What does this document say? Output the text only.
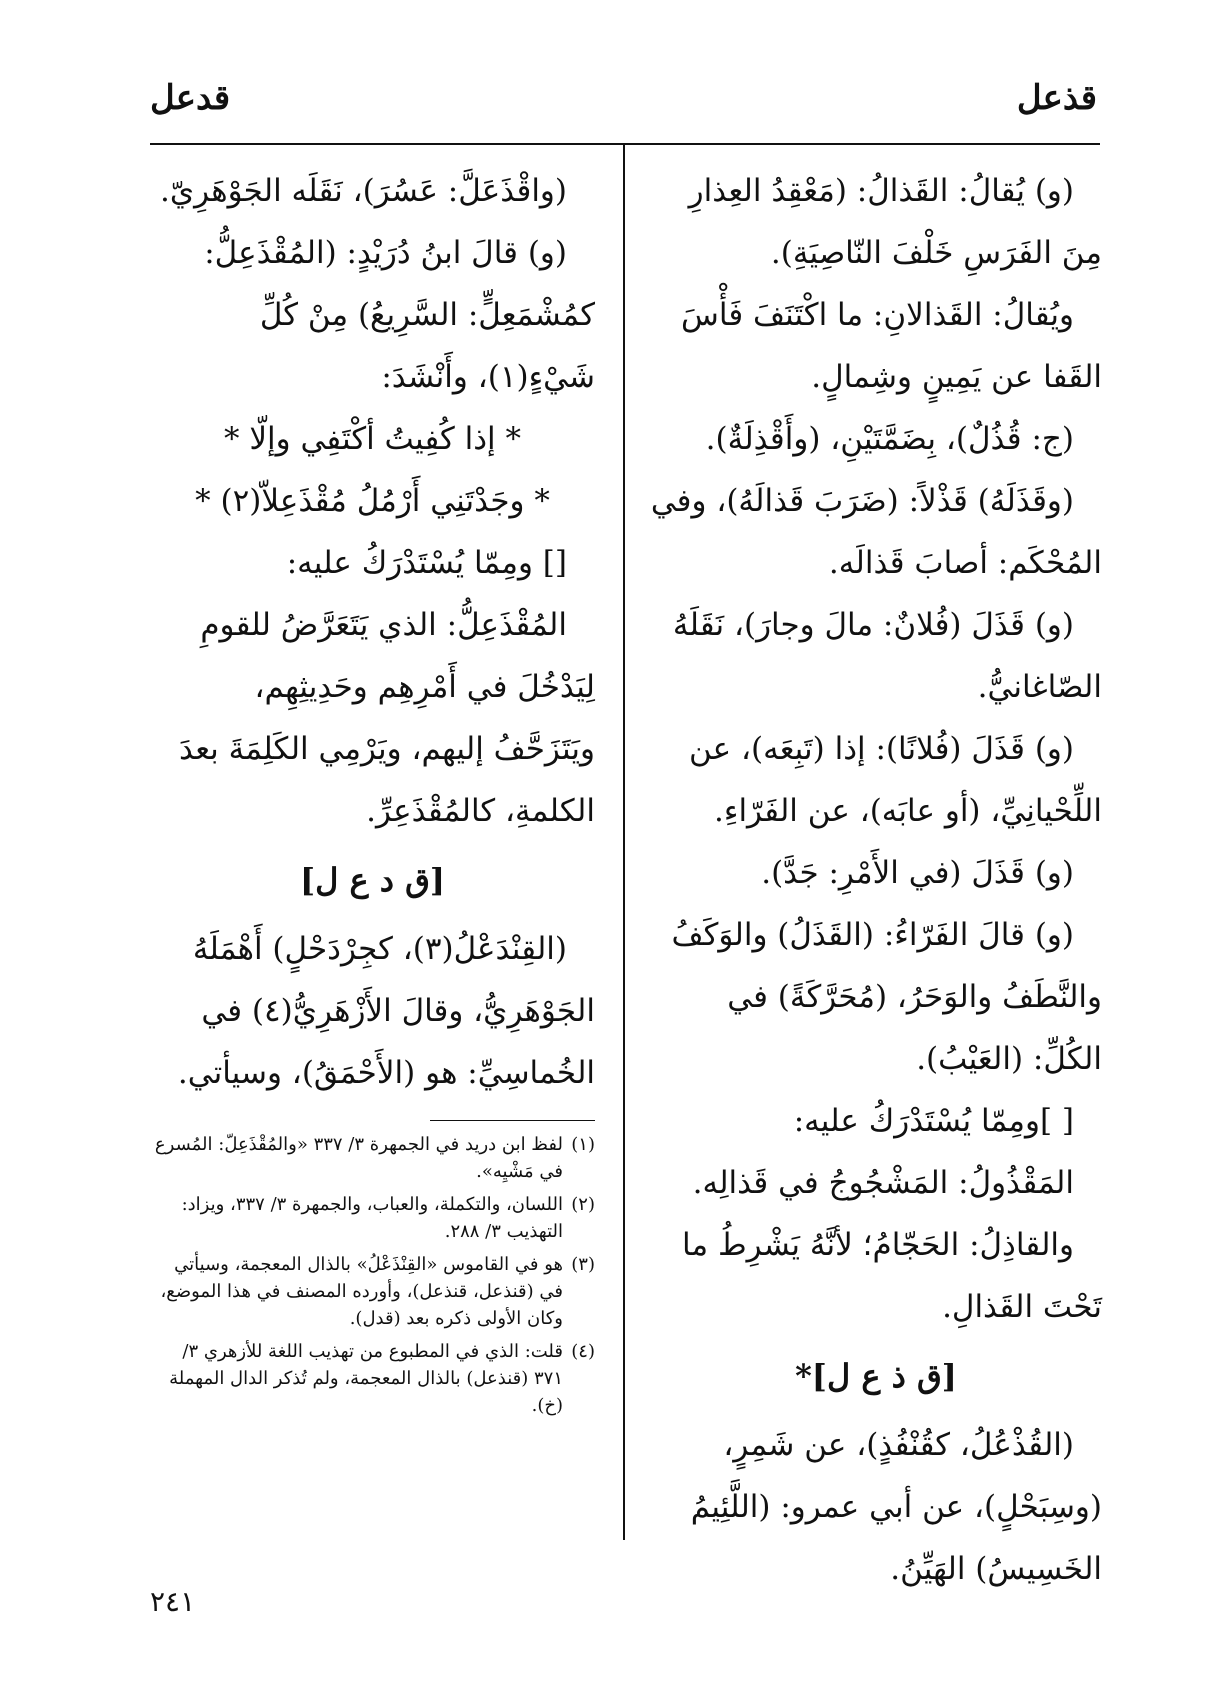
قذعل
قدعل

(و) يُقالُ: القَذالُ: (مَعْقِدُ العِذارِ مِنَ الفَرَسِ خَلْفَ النّاصِيَةِ).

ويُقالُ: القَذالانِ: ما اكْتَنَفَ فَأْسَ القَفا عن يَمِينٍ وشِمالٍ.

(ج: قُذُلٌ)، بِضَمَّتَيْنِ، (وأَقْذِلَةٌ).

(وقَذَلَهُ) قَذْلاً: (ضَرَبَ قَذالَهُ)، وفي المُحْكَم: أصابَ قَذالَه.

(و) قَذَلَ (فُلانٌ: مالَ وجارَ)، نَقَلَهُ الصّاغانيُّ.

(و) قَذَلَ (فُلانًا): إذا (تَبِعَه)، عن اللِّحْيانِيِّ، (أو عابَه)، عن الفَرّاءِ.

(و) قَذَلَ (في الأَمْرِ: جَدَّ).

(و) قالَ الفَرّاءُ: (القَذَلُ) والوَكَفُ والنَّطَفُ والوَحَرُ، (مُحَرَّكَةً) في الكُلِّ: (العَيْبُ).

[ ]ومِمّا يُسْتَدْرَكُ عليه:

المَقْذُولُ: المَشْجُوجُ في قَذالِه.

والقاذِلُ: الحَجّامُ؛ لأنَّهُ يَشْرِطُ ما تَحْتَ القَذالِ.

[ق ذ ع ل]*

(القُذْعُلُ، كقُنْفُذٍ)، عن شَمِرٍ، (وسِبَحْلٍ)، عن أبي عمرو: (اللَّئِيمُ الخَسِيسُ) الهَيِّنُ.

(واقْذَعَلَّ: عَسُرَ)، نَقَلَه الجَوْهَرِيّ.

(و) قالَ ابنُ دُرَيْدٍ: (المُقْذَعِلُّ: كمُشْمَعِلٍّ: السَّرِيعُ) مِنْ كُلِّ شَيْءٍ(١)، وأَنْشَدَ:

* إذا كُفِيتُ أكْتَفِي وإلّا *

* وجَدْتَنِي أَرْمُلُ مُقْذَعِلاّ(٢) *

[] ومِمّا يُسْتَدْرَكُ عليه:

المُقْذَعِلُّ: الذي يَتَعَرَّضُ للقومِ لِيَدْخُلَ في أَمْرِهِم وحَدِيثِهِم، ويَتَزَحَّفُ إليهم، ويَرْمِي الكَلِمَةَ بعدَ الكلمةِ، كالمُقْذَعِرِّ.

[ق د ع ل]

(القِنْدَعْلُ(٣)، كجِرْدَحْلٍ) أَهْمَلَهُ الجَوْهَرِيُّ، وقالَ الأَزْهَرِيُّ(٤) في الخُماسِيِّ: هو (الأَحْمَقُ)، وسيأتي.

(١)
لفظ ابن دريد في الجمهرة ٣/ ٣٣٧ «والمُقْذَعِلّ: المُسرع في مَشْيِه».
(٢)
اللسان، والتكملة، والعباب، والجمهرة ٣/ ٣٣٧، ويزاد: التهذيب ٣/ ٢٨٨.
(٣)
هو في القاموس «القِنْذَعْلُ» بالذال المعجمة، وسيأتي في (قنذعل، قنذعل)، وأورده المصنف في هذا الموضع، وكان الأولى ذكره بعد (قدل).
(٤)
قلت: الذي في المطبوع من تهذيب اللغة للأزهري ٣/ ٣٧١ (قنذعل) بالذال المعجمة، ولم تُذكر الدال المهملة (خ).
٢٤١
